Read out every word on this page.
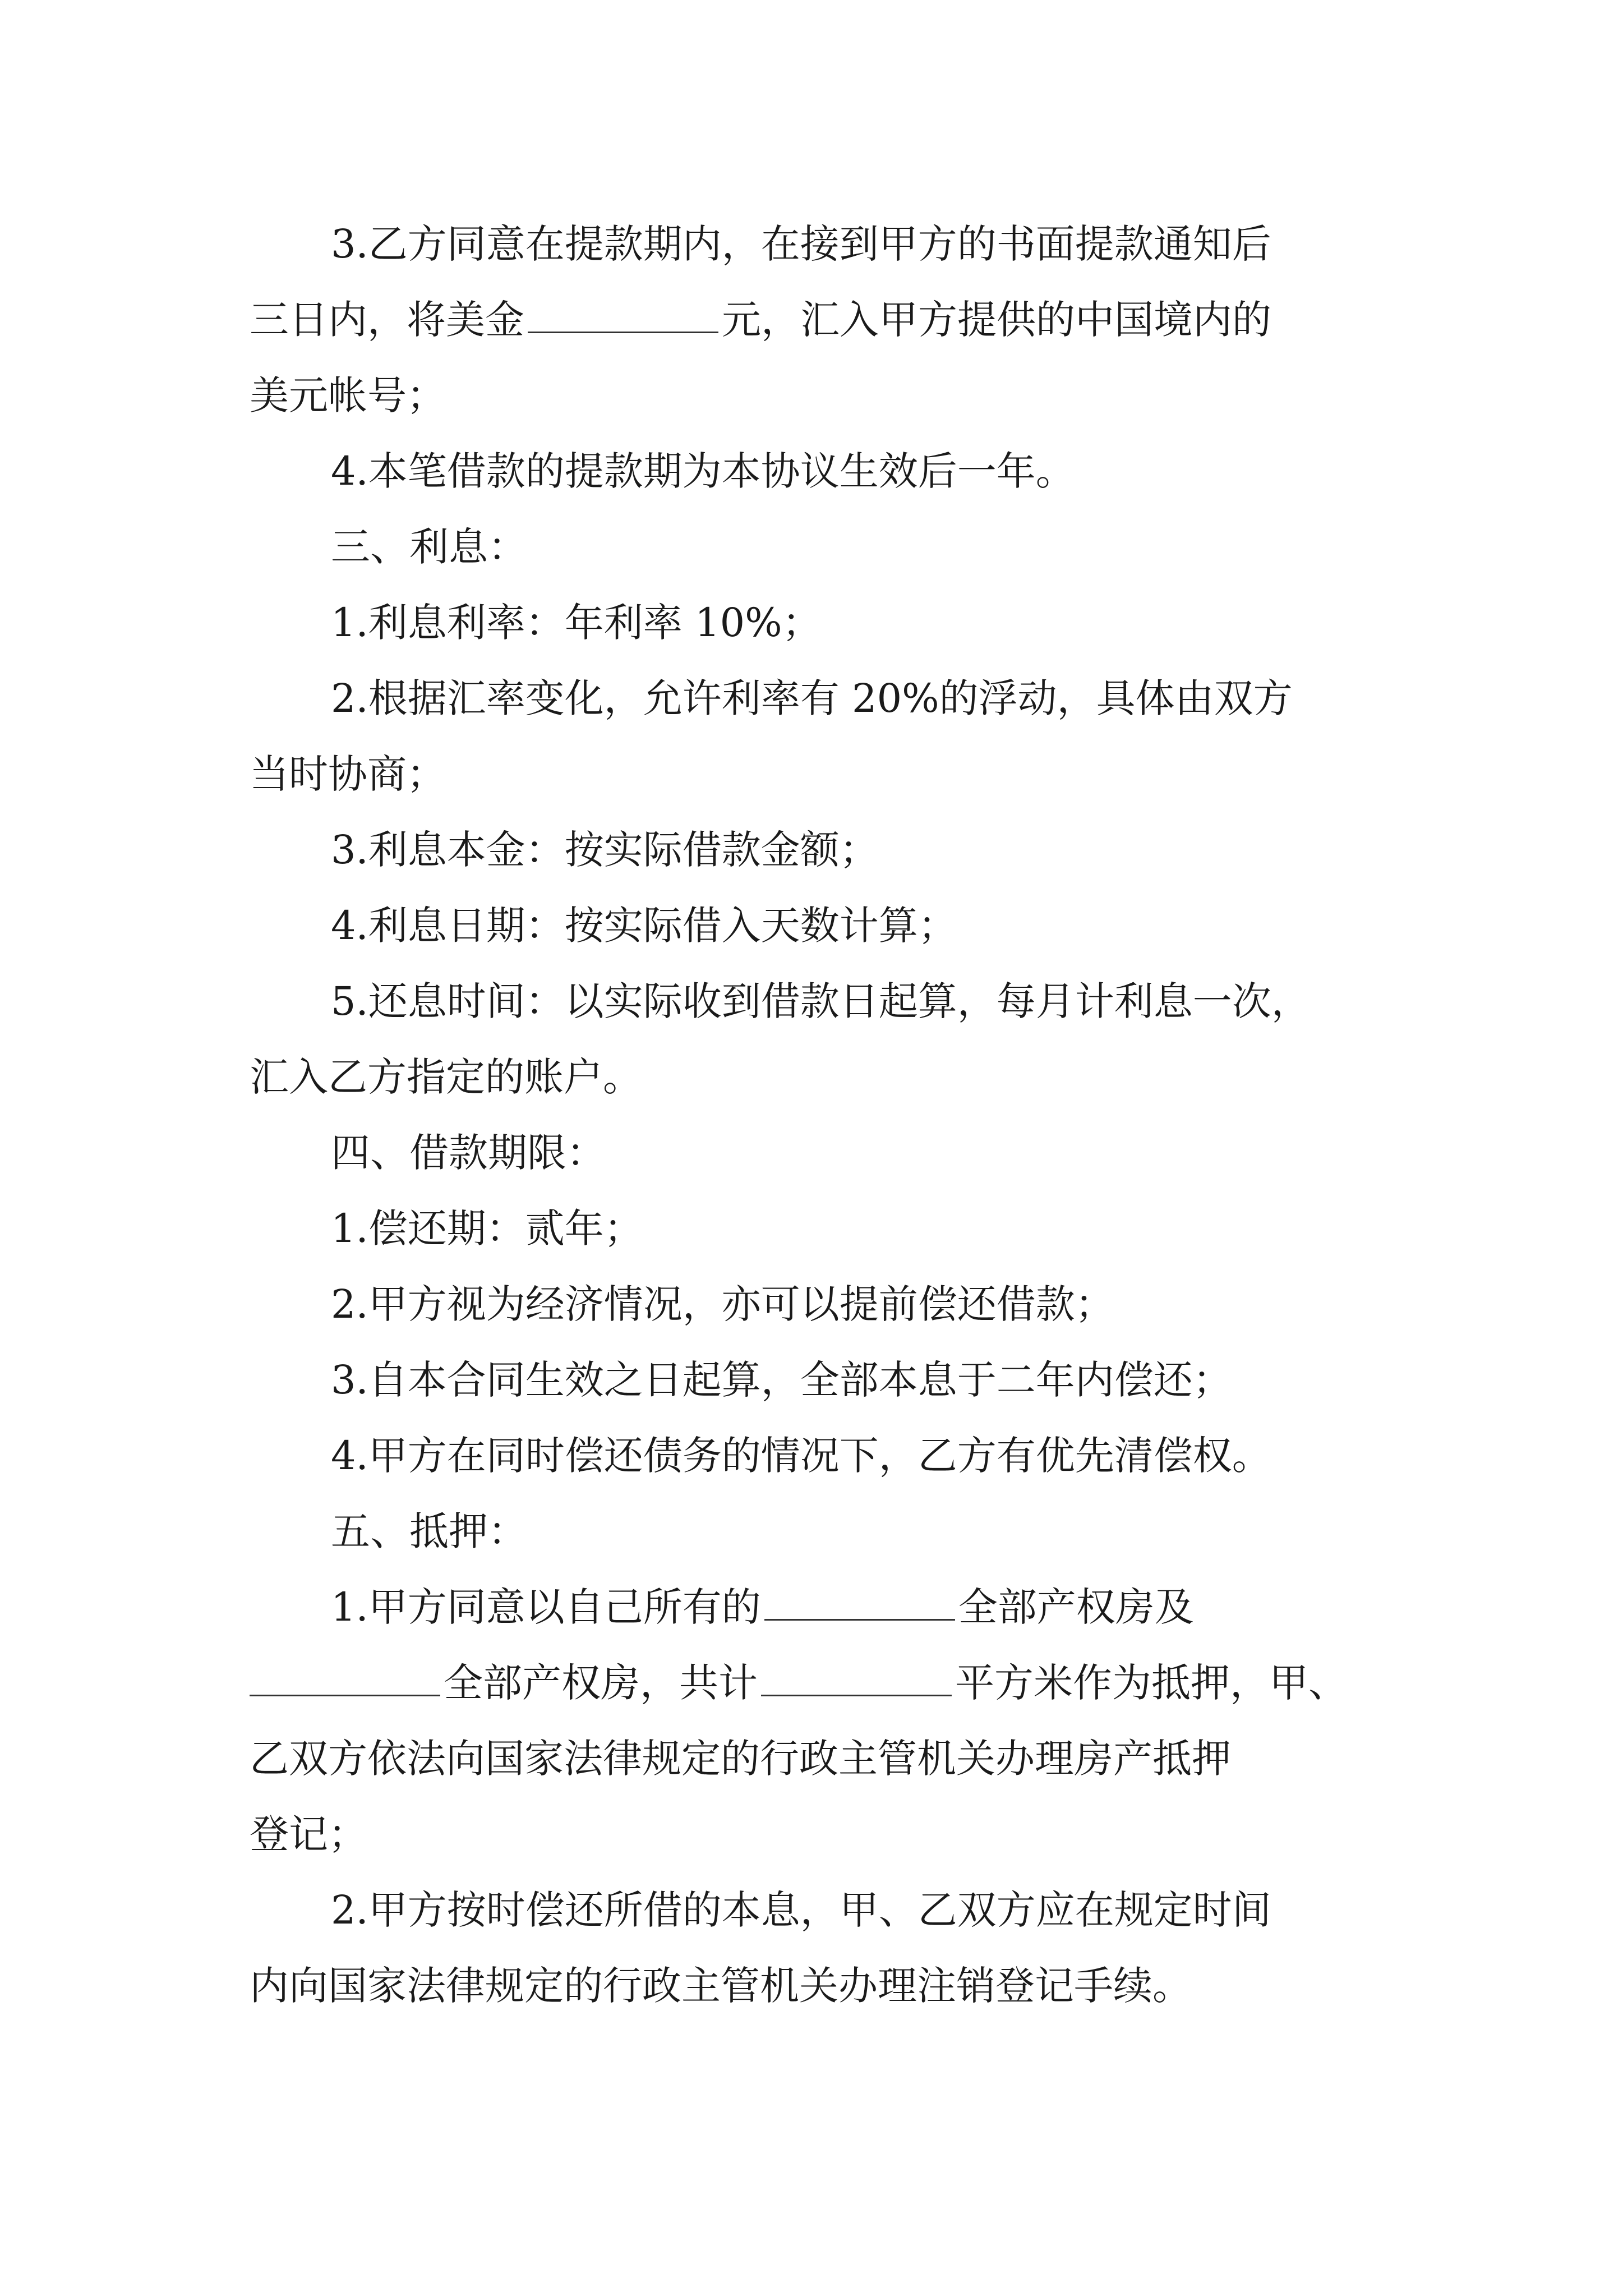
3.乙方同意在提款期内，在接到甲方的书面提款通知后
三日内，将美金	元，汇入甲方提供的中国境内的
美元帐号；
4.本笔借款的提款期为本协议生效后一年。
三、利息：
1.利息利率：年利率 10%；
2.根据汇率变化，允许利率有 20%的浮动，具体由双方
当时协商；
3.利息本金：按实际借款金额；
4.利息日期：按实际借入天数计算；
5.还息时间：以实际收到借款日起算，每月计利息一次，
汇入乙方指定的账户。
四、借款期限：
1.偿还期：贰年；
2.甲方视为经济情况，亦可以提前偿还借款；
3.自本合同生效之日起算，全部本息于二年内偿还；
4.甲方在同时偿还债务的情况下，乙方有优先清偿权。
五、抵押：
1.甲方同意以自己所有的	全部产权房及
全部产权房，共计	平方米作为抵押，甲、
乙双方依法向国家法律规定的行政主管机关办理房产抵押
登记；
2.甲方按时偿还所借的本息，甲、乙双方应在规定时间
内向国家法律规定的行政主管机关办理注销登记手续。
